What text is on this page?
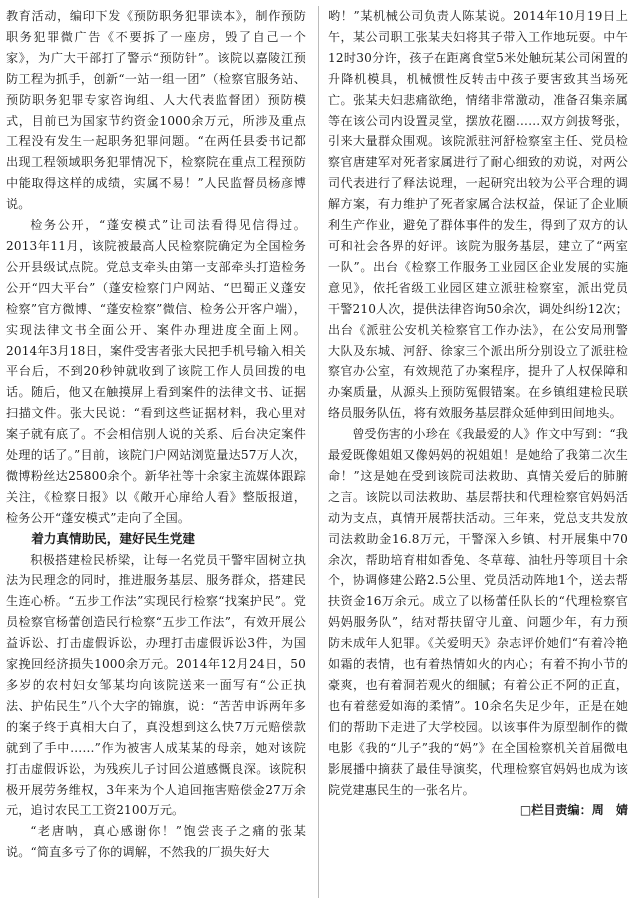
教育活动，编印下发《预防职务犯罪读本》，制作预防职务犯罪微广告《不要拆了一座房，毁了自己一个家》，为广大干部打了警示“预防针”。该院以嘉陵江预防工程为抓手，创新“一站一组一团”（检察官服务站、预防职务犯罪专家咨询组、人大代表监督团）预防模式，目前已为国家节约资金1000余万元，所涉及重点工程没有发生一起职务犯罪问题。“在两任县委书记都出现工程领域职务犯罪情况下，检察院在重点工程预防中能取得这样的成绩，实属不易！”人民监督员杨彦博说。

检务公开，“蓬安模式”让司法看得见信得过。2013年11月，该院被最高人民检察院确定为全国检务公开县级试点院。党总支牵头由第一支部牵头打造检务公开“四大平台”（蓬安检察门户网站、“巴蜀正义蓬安检察”官方微博、“蓬安检察”微信、检务公开客户端），实现法律文书全面公开、案件办理进度全面上网。2014年3月18日，案件受害者张大民把手机号输入相关平台后，不到20秒钟就收到了该院工作人员回拨的电话。随后，他又在触摸屏上看到案件的法律文书、证据扫描文件。张大民说：“看到这些证据材料，我心里对案子就有底了。不会相信别人说的关系、后台决定案件处理的话了。”目前，该院门户网站浏览量达57万人次，微博粉丝达25800余个。新华社等十余家主流媒体跟踪关注，《检察日报》以《敞开心扉给人看》整版报道，检务公开“蓬安模式”走向了全国。

着力真情助民，建好民生党建

积极搭建检民桥梁，让每一名党员干警牢固树立执法为民理念的同时，推进服务基层、服务群众，搭建民生连心桥。“五步工作法”实现民行检察“找案护民”。党员检察官杨蕾创造民行检察“五步工作法”，有效开展公益诉讼、打击虚假诉讼，办理打击虚假诉讼3件，为国家挽回经济损失1000余万元。2014年12月24日，50多岁的农村妇女邹某均向该院送来一面写有“公正执法、护佑民生”八个大字的锦旗，说：“苦苦申诉两年多的案子终于真相大白了，真没想到这么快7万元赔偿款就到了手中……”作为被害人成某某的母亲，她对该院打击虚假诉讼，为残疾儿子讨回公道感慨良深。该院积极开展劳务维权，3年来为个人追回拖害赔偿金27万余元，追讨农民工工资2100万元。

“老唐呐，真心感谢你！”饱尝丧子之痛的张某说。“简直多亏了你的调解，不然我的厂损失好大

哟！”某机械公司负责人陈某说。2014年10月19日上午，某公司职工张某夫妇将其子带入工作地玩耍。中午12时30分许，孩子在距离食堂5米处触玩某公司闲置的升降机模具，机械惯性反转击中孩子要害致其当场死亡。张某夫妇悲痛欲绝，情绪非常激动，准备召集亲属等在该公司内设置灵堂，摆放花圈……双方剑拔弩张，引来大量群众围观。该院派驻河舒检察室主任、党员检察官唐建军对死者家属进行了耐心细致的劝说，对两公司代表进行了释法说理，一起研究出较为公平合理的调解方案，有力维护了死者家属合法权益，保证了企业顺利生产作业，避免了群体事件的发生，得到了双方的认可和社会各界的好评。该院为服务基层，建立了“两室一队”。出台《检察工作服务工业园区企业发展的实施意见》，依托省级工业园区建立派驻检察室，派出党员干警210人次，提供法律咨询50余次，调处纠纷12次；出台《派驻公安机关检察官工作办法》，在公安局刑警大队及东城、河舒、徐家三个派出所分别设立了派驻检察官办公室，有效规范了办案程序，提升了人权保障和办案质量，从源头上预防冤假错案。在乡镇组建检民联络员服务队伍，将有效服务基层群众延伸到田间地头。

曾受伤害的小珍在《我最爱的人》作文中写到：“我最爱既像姐姐又像妈妈的祝姐姐！是她给了我第二次生命！”这是她在受到该院司法救助、真情关爱后的肺腑之言。该院以司法救助、基层帮扶和代理检察官妈妈活动为支点，真情开展帮扶活动。三年来，党总支共发放司法救助金16.8万元，干警深入乡镇、村开展集中70余次，帮助培育柑如香兔、冬草莓、油牡丹等项目十余个，协调修建公路2.5公里、党员活动阵地1个，送去帮扶资金16万余元。成立了以杨蕾任队长的“代理检察官妈妈服务队”，结对帮扶留守儿童、问题少年，有力预防未成年人犯罪。《关爱明天》杂志评价她们“有着冷艳如霜的表情，也有着热情如火的内心；有着不拘小节的豪爽，也有着洞若观火的细腻；有着公正不阿的正直，也有着慈爱如海的柔情”。10余名失足少年，正是在她们的帮助下走进了大学校园。以该事件为原型制作的微电影《我的“儿子”我的“妈”》在全国检察机关首届微电影展播中摘获了最佳导演奖，代理检察官妈妈也成为该院党建惠民生的一张名片。

□栏目责编：周　婧
